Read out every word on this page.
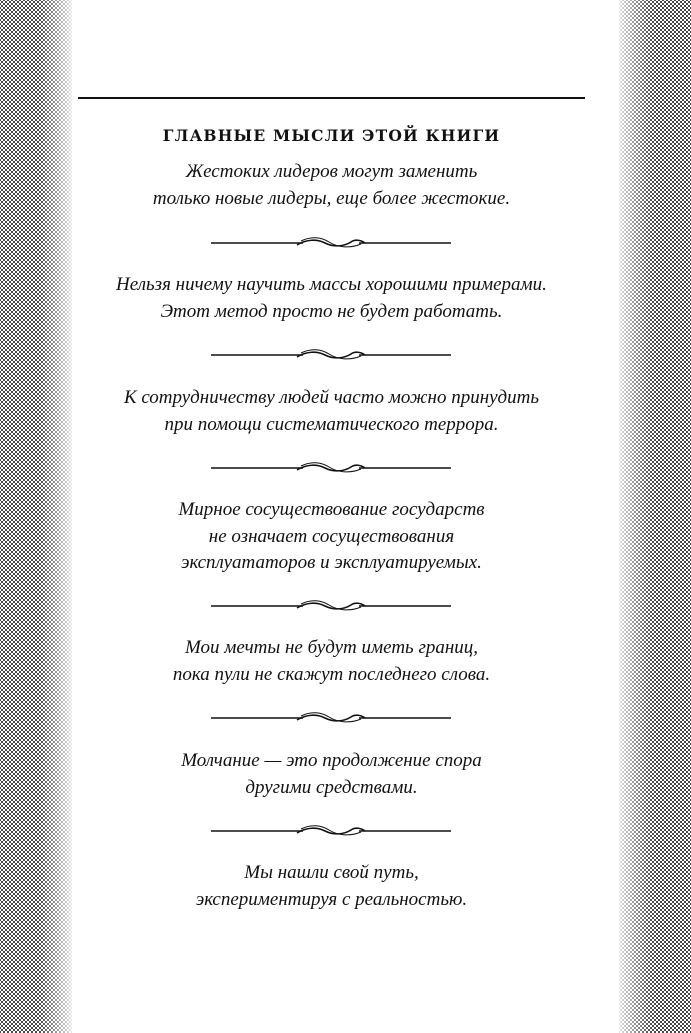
ГЛАВНЫЕ МЫСЛИ ЭТОЙ КНИГИ
Жестоких лидеров могут заменить
только новые лидеры, еще более жестокие.
Нельзя ничему научить массы хорошими примерами.
Этот метод просто не будет работать.
К сотрудничеству людей часто можно принудить
при помощи систематического террора.
Мирное сосуществование государств
не означает сосуществования
эксплуататоров и эксплуатируемых.
Мои мечты не будут иметь границ,
пока пули не скажут последнего слова.
Молчание — это продолжение спора
другими средствами.
Мы нашли свой путь,
экспериментируя с реальностью.
